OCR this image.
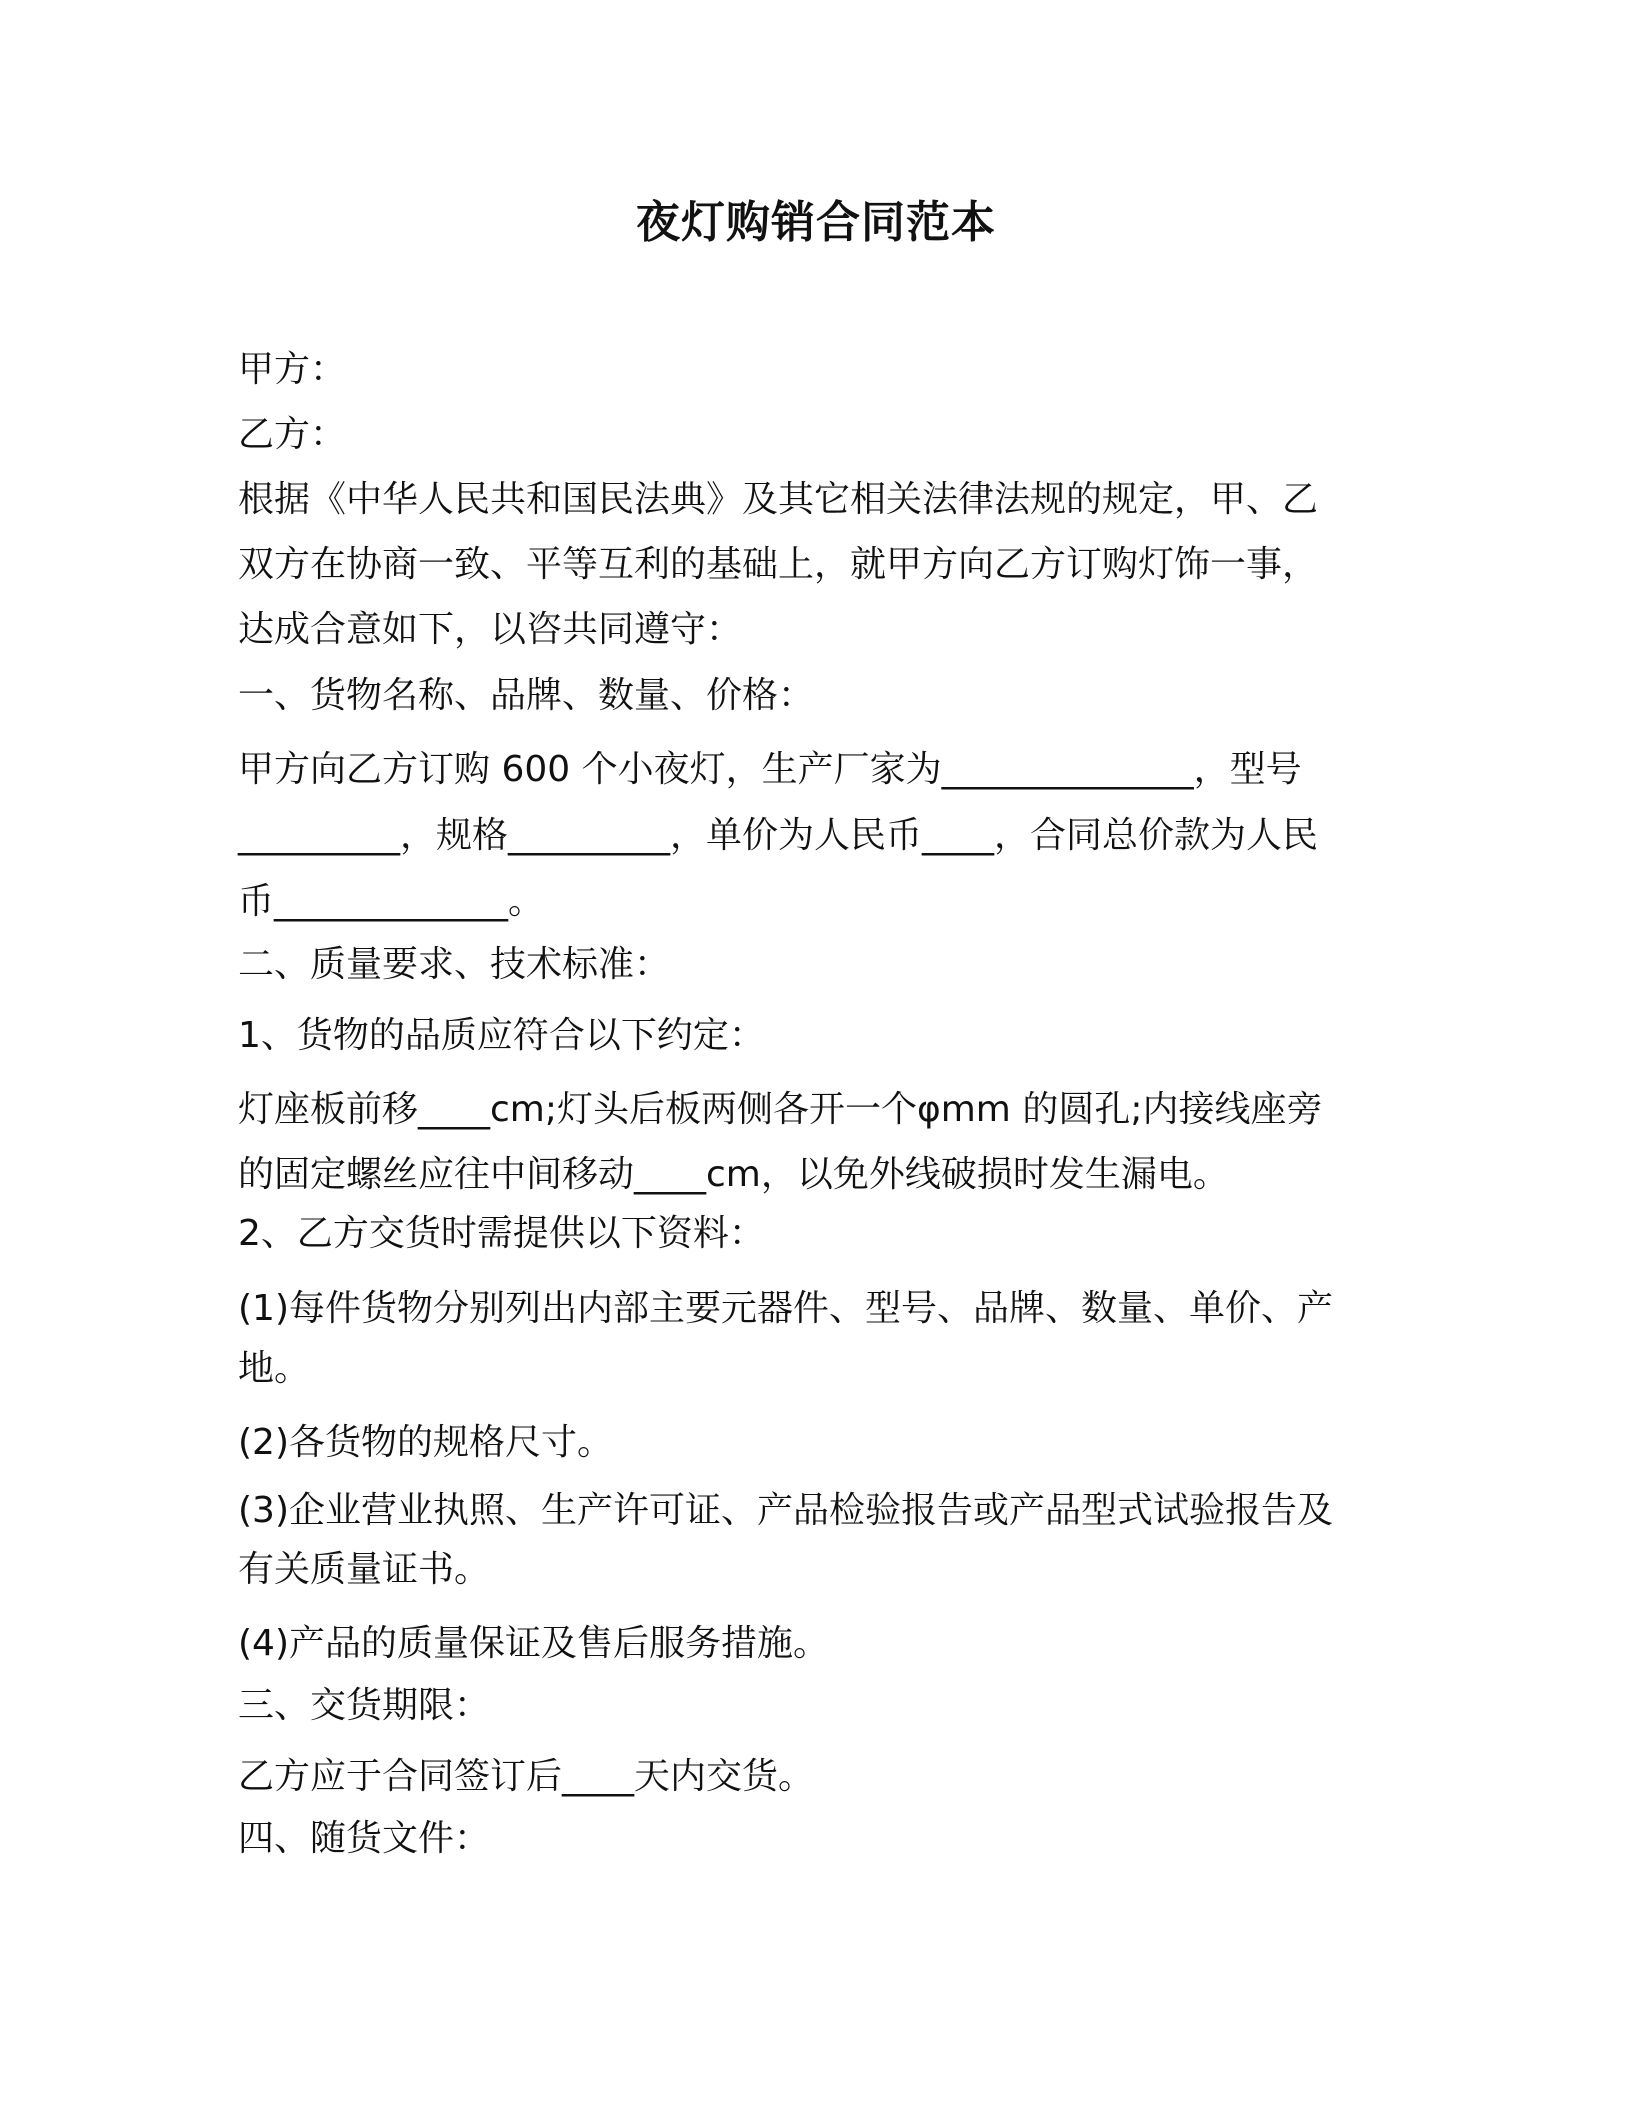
夜灯购销合同范本
甲方：
乙方：
根据《中华人民共和国民法典》及其它相关法律法规的规定，甲、乙
双方在协商一致、平等互利的基础上，就甲方向乙方订购灯饰一事，
达成合意如下，以咨共同遵守：
一、货物名称、品牌、数量、价格：
甲方向乙方订购 600 个小夜灯，生产厂家为______________，型号
_________，规格_________，单价为人民币____，合同总价款为人民
币_____________。
二、质量要求、技术标准：
1、货物的品质应符合以下约定：
灯座板前移____cm;灯头后板两侧各开一个φmm 的圆孔;内接线座旁
的固定螺丝应往中间移动____cm，以免外线破损时发生漏电。
2、乙方交货时需提供以下资料：
(1)每件货物分别列出内部主要元器件、型号、品牌、数量、单价、产
地。
(2)各货物的规格尺寸。
(3)企业营业执照、生产许可证、产品检验报告或产品型式试验报告及
有关质量证书。
(4)产品的质量保证及售后服务措施。
三、交货期限：
乙方应于合同签订后____天内交货。
四、随货文件：
